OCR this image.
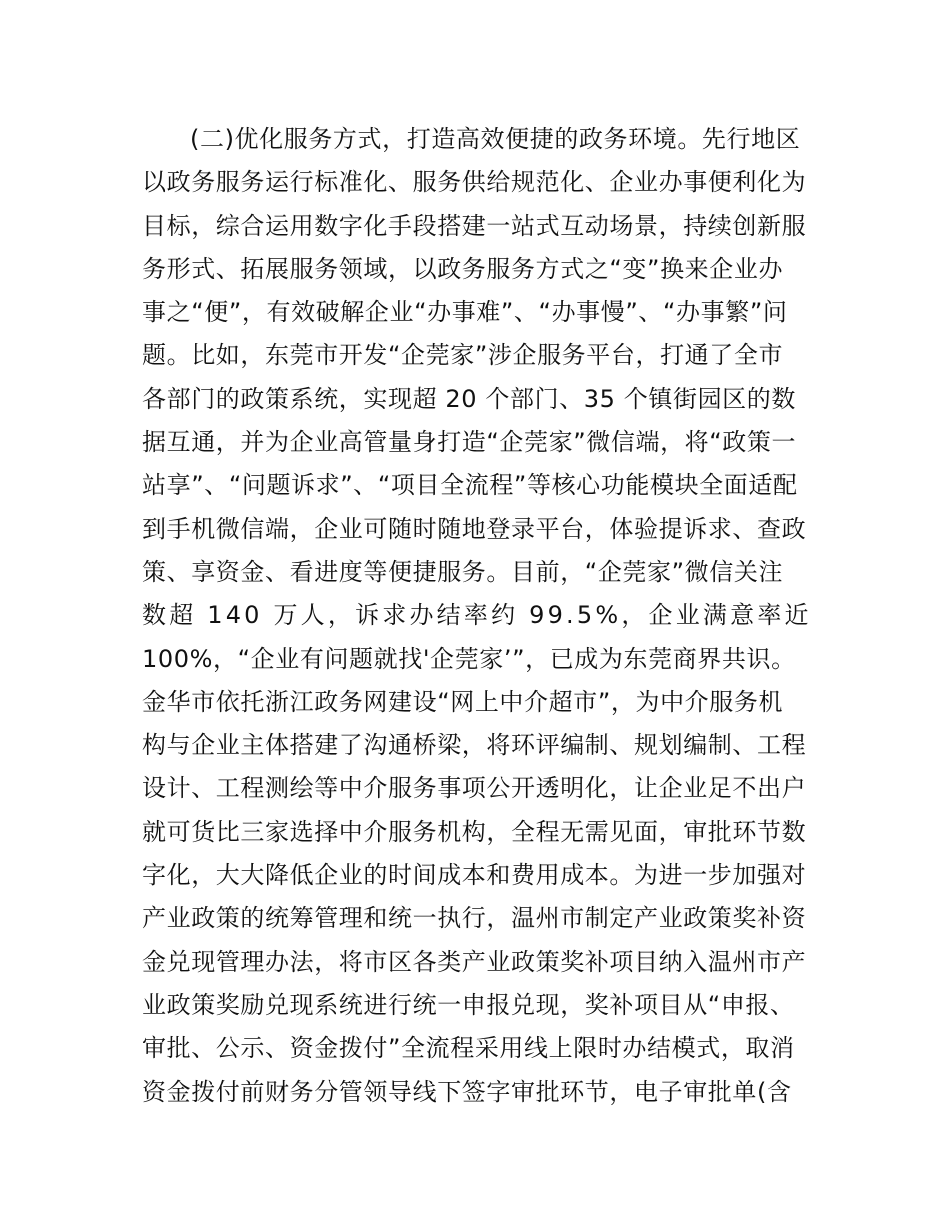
(二)优化服务方式，打造高效便捷的政务环境。先行地区
以政务服务运行标准化、服务供给规范化、企业办事便利化为
目标，综合运用数字化手段搭建一站式互动场景，持续创新服
务形式、拓展服务领域，以政务服务方式之“变”换来企业办
事之“便”，有效破解企业“办事难”、“办事慢”、“办事繁”问
题。比如，东莞市开发“企莞家”涉企服务平台，打通了全市
各部门的政策系统，实现超 20 个部门、35 个镇街园区的数
据互通，并为企业高管量身打造“企莞家”微信端，将“政策一
站享”、“问题诉求”、“项目全流程”等核心功能模块全面适配
到手机微信端，企业可随时随地登录平台，体验提诉求、查政
策、享资金、看进度等便捷服务。目前，“企莞家”微信关注
数超 140 万人，诉求办结率约 99.5%，企业满意率近
100%，“企业有问题就找'企莞家’”，已成为东莞商界共识。
金华市依托浙江政务网建设“网上中介超市”，为中介服务机
构与企业主体搭建了沟通桥梁，将环评编制、规划编制、工程
设计、工程测绘等中介服务事项公开透明化，让企业足不出户
就可货比三家选择中介服务机构，全程无需见面，审批环节数
字化，大大降低企业的时间成本和费用成本。为进一步加强对
产业政策的统筹管理和统一执行，温州市制定产业政策奖补资
金兑现管理办法，将市区各类产业政策奖补项目纳入温州市产
业政策奖励兑现系统进行统一申报兑现，奖补项目从“申报、
审批、公示、资金拨付”全流程采用线上限时办结模式，取消
资金拨付前财务分管领导线下签字审批环节，电子审批单(含
